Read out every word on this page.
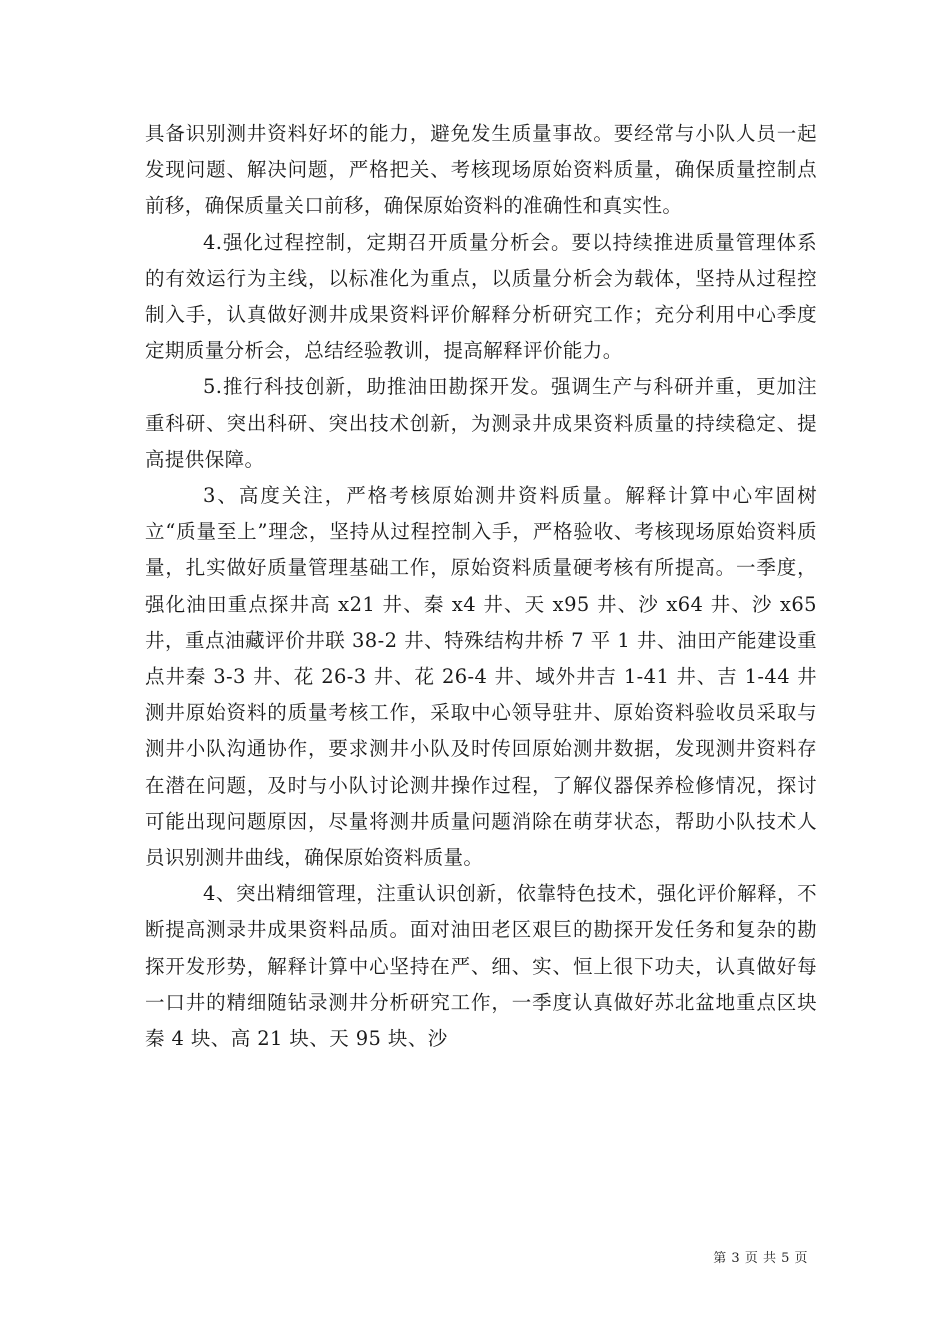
具备识别测井资料好坏的能力，避免发生质量事故。要经常与小队人员一起发现问题、解决问题，严格把关、考核现场原始资料质量，确保质量控制点前移，确保质量关口前移，确保原始资料的准确性和真实性。

4.强化过程控制，定期召开质量分析会。要以持续推进质量管理体系的有效运行为主线，以标准化为重点，以质量分析会为载体，坚持从过程控制入手，认真做好测井成果资料评价解释分析研究工作；充分利用中心季度定期质量分析会，总结经验教训，提高解释评价能力。

5.推行科技创新，助推油田勘探开发。强调生产与科研并重，更加注重科研、突出科研、突出技术创新，为测录井成果资料质量的持续稳定、提高提供保障。

3、高度关注，严格考核原始测井资料质量。解释计算中心牢固树立“质量至上”理念，坚持从过程控制入手，严格验收、考核现场原始资料质量，扎实做好质量管理基础工作，原始资料质量硬考核有所提高。一季度，强化油田重点探井高 x21 井、秦 x4 井、天 x95 井、沙 x64 井、沙 x65 井，重点油藏评价井联 38-2 井、特殊结构井桥 7 平 1 井、油田产能建设重点井秦 3-3 井、花 26-3 井、花 26-4 井、域外井吉 1-41 井、吉 1-44 井测井原始资料的质量考核工作，采取中心领导驻井、原始资料验收员采取与测井小队沟通协作，要求测井小队及时传回原始测井数据，发现测井资料存在潜在问题，及时与小队讨论测井操作过程，了解仪器保养检修情况，探讨可能出现问题原因，尽量将测井质量问题消除在萌芽状态，帮助小队技术人员识别测井曲线，确保原始资料质量。

4、突出精细管理，注重认识创新，依靠特色技术，强化评价解释，不断提高测录井成果资料品质。面对油田老区艰巨的勘探开发任务和复杂的勘探开发形势，解释计算中心坚持在严、细、实、恒上很下功夫，认真做好每一口井的精细随钻录测井分析研究工作，一季度认真做好苏北盆地重点区块秦 4 块、高 21 块、天 95 块、沙

第 3 页 共 5 页
